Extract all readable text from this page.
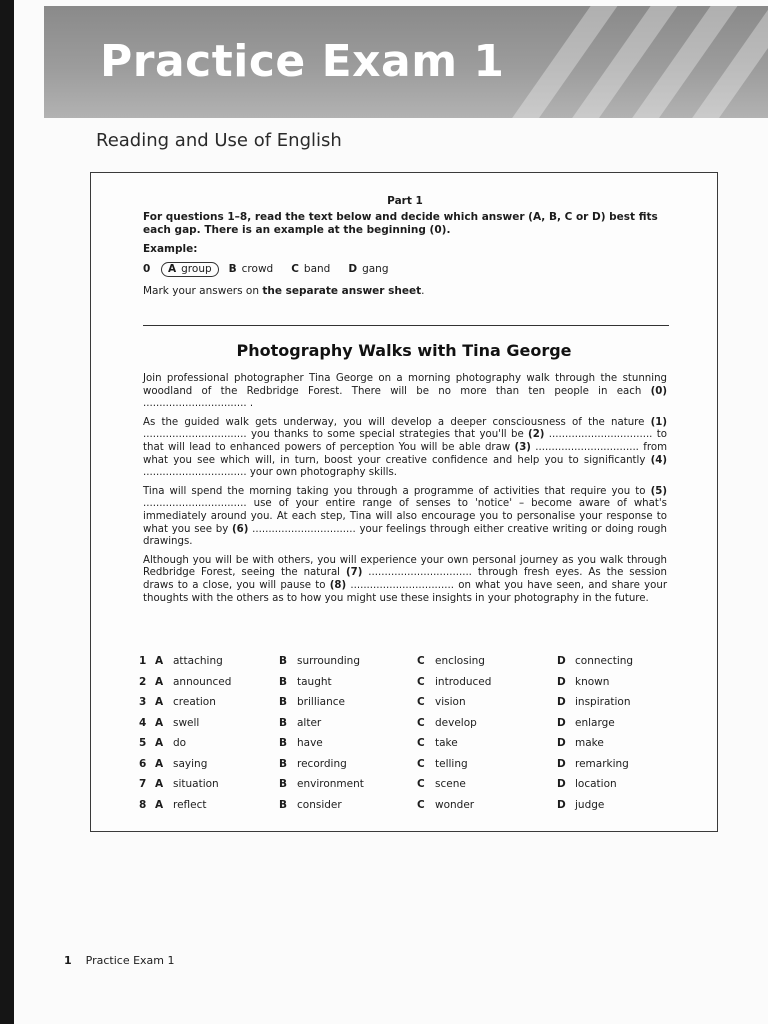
Practice Exam 1
Reading and Use of English
Part 1

For questions 1–8, read the text below and decide which answer (A, B, C or D) best fits each gap. There is an example at the beginning (0).

Example:
0	A group	B crowd C band D gang
Mark your answers on the separate answer sheet.
Photography Walks with Tina George

Join professional photographer Tina George on a morning photography walk through the stunning woodland of the Redbridge Forest. There will be no more than ten people in each (0) ................................ .

As the guided walk gets underway, you will develop a deeper consciousness of the nature (1) ................................ you thanks to some special strategies that you'll be (2) ................................ to that will lead to enhanced powers of perception You will be able draw (3) ................................ from what you see which will, in turn, boost your creative confidence and help you to significantly (4) ................................ your own photography skills.

Tina will spend the morning taking you through a programme of activities that require you to (5) ................................ use of your entire range of senses to 'notice' – become aware of what's immediately around you. At each step, Tina will also encourage you to personalise your response to what you see by (6) ................................ your feelings through either creative writing or doing rough drawings.

Although you will be with others, you will experience your own personal journey as you walk through Redbridge Forest, seeing the natural (7) ................................ through fresh eyes. As the session draws to a close, you will pause to (8) ................................ on what you have seen, and share your thoughts with the others as to how you might use these insights in your photography in the future.

1 A attaching	B surrounding	C enclosing	D connecting
2 A announced	B taught	C introduced	D known
3 A creation	B brilliance	C vision	D inspiration
4 A swell	B alter	C develop	D enlarge
5 A do	B have	C take	D make
6 A saying	B recording	C telling	D remarking
7 A situation	B environment	C scene	D location
8 A reflect	B consider	C wonder	D judge
1 Practice Exam 1
